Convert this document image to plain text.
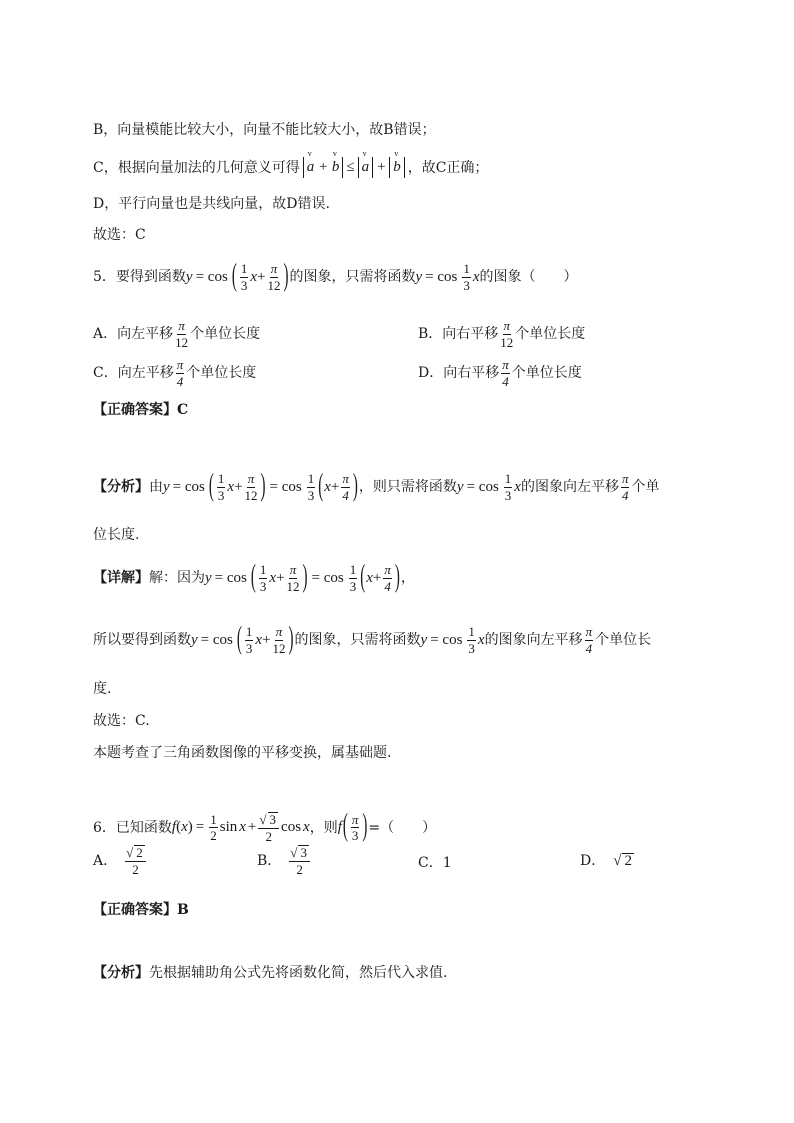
B，向量模能比较大小，向量不能比较大小，故B错误；
C，根据向量加法的几何意义可得 v a + v b ≤ v a + v b ，故C正确；
D，平行向量也是共线向量，故D错误.
故选：C
5．要得到函数 y = cos ( 1
3
$x + \frac{\pi}{12}$ ) 的图象，只需将函数 y = cos
1
3
x 的图象（　　）
A．向左平移
π
12 个单位长度	B．向右平移
π
12 个单位长度
C．向左平移
π
4 个单位长度	D．向右平移
π
4 个单位长度
【正确答案】C
【分析】 由 y = cos ( 1
3
$x + \frac{\pi}{12}$ ) = cos
1
3 ( $x + \frac{\pi}{4}$ ) ，则只需将函数 y = cos
1
3
x 的图象向左平移
π
4 个单
位长度.
【详解】 解：因为 y = cos ( 1
3
$x + \frac{\pi}{12}$ ) = cos
1
3 ( $x + \frac{\pi}{4}$ ) ，
所以要得到函数 y = cos ( 1
3
$x + \frac{\pi}{12}$ ) 的图象，只需将函数 y = cos
1
3
x 的图象向左平移
π
4 个单位长
度.
故选：C.
本题考查了三角函数图像的平移变换，属基础题.
6．已知函数 f ( x ) = $\frac{1}{2}$ $\sin x + \frac{√ 3}{2}$ cos x ，则 f ( π
3 ) =（　　）
A．
√ 2
2
B．
√ 3
2	C．1	D． √ 2
【正确答案】B
【分析】 先根据辅助角公式先将函数化简，然后代入求值.
